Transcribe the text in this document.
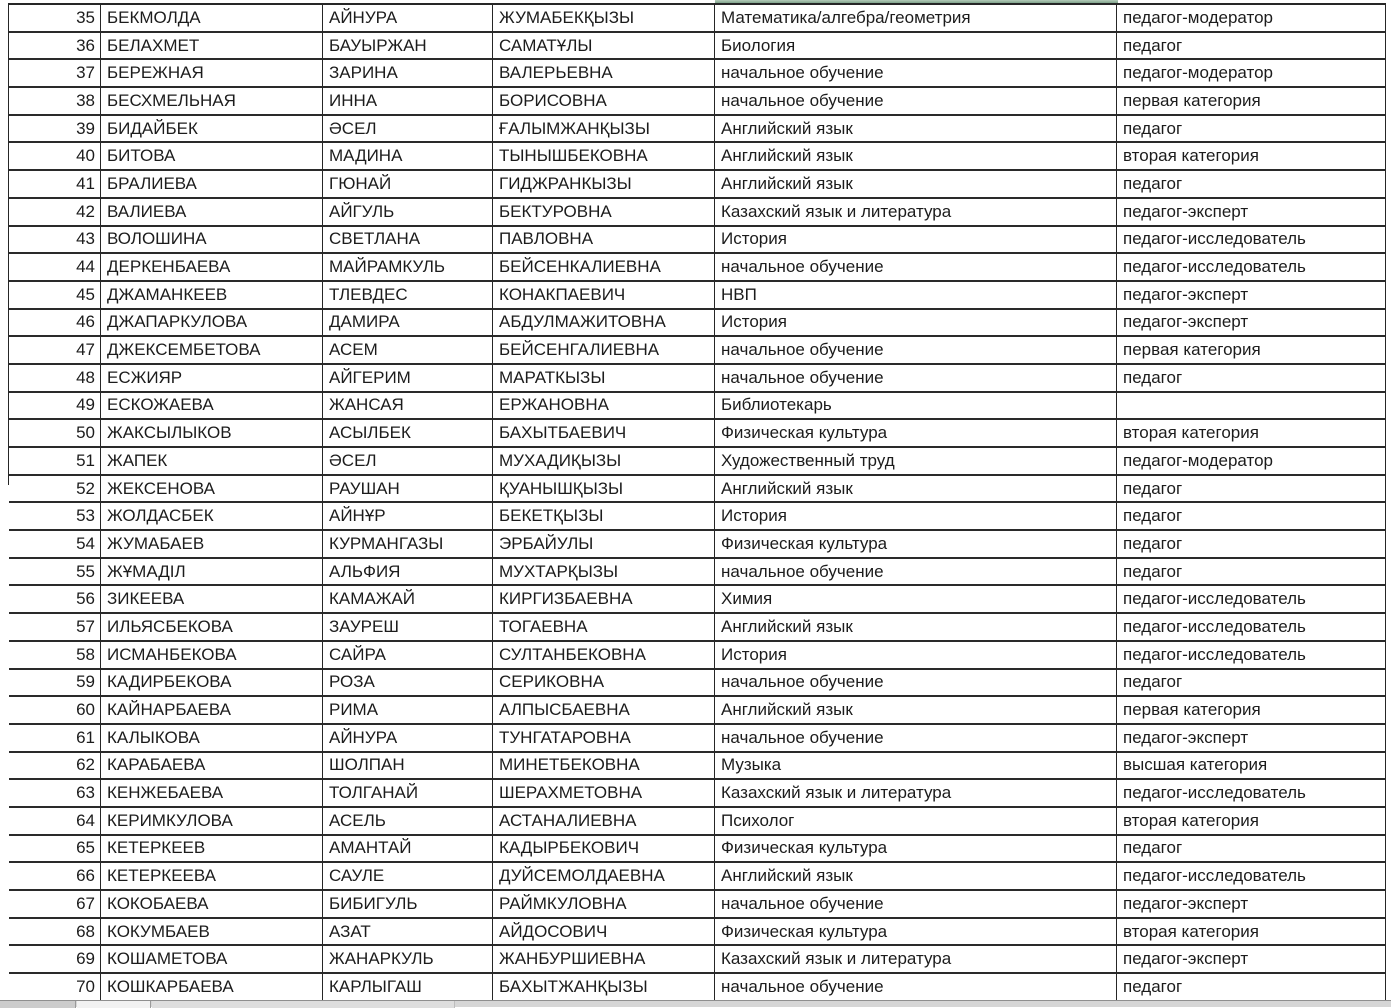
35 БЕКМОЛДА	АЙНУРА	ЖУМАБЕКҚЫЗЫ	Математика/алгебра/геометрия	педагог-модератор
36 БЕЛАХМЕТ	БАУЫРЖАН	САМАТҰЛЫ	Биология	педагог
37 БЕРЕЖНАЯ	ЗАРИНА	ВАЛЕРЬЕВНА	начальное обучение	педагог-модератор
38 БЕСХМЕЛЬНАЯ	ИННА	БОРИСОВНА	начальное обучение	первая категория
39 БИДАЙБЕК	ӘСЕЛ	ҒАЛЫМЖАНҚЫЗЫ	Английский язык	педагог
40 БИТОВА	МАДИНА	ТЫНЫШБЕКОВНА	Английский язык	вторая категория
41 БРАЛИЕВА	ГЮНАЙ	ГИДЖРАНКЫЗЫ	Английский язык	педагог
42 ВАЛИЕВА	АЙГУЛЬ	БЕКТУРОВНА	Казахский язык и литература	педагог-эксперт
43 ВОЛОШИНА	СВЕТЛАНА	ПАВЛОВНА	История	педагог-исследователь
44 ДЕРКЕНБАЕВА	МАЙРАМКУЛЬ	БЕЙСЕНКАЛИЕВНА	начальное обучение	педагог-исследователь
45 ДЖАМАНКЕЕВ	ТЛЕВДЕС	КОНАКПАЕВИЧ	НВП	педагог-эксперт
46 ДЖАПАРКУЛОВА	ДАМИРА	АБДУЛМАЖИТОВНА	История	педагог-эксперт
47 ДЖЕКСЕМБЕТОВА	АСЕМ	БЕЙСЕНГАЛИЕВНА	начальное обучение	первая категория
48 ЕСЖИЯР	АЙГЕРИМ	МАРАТКЫЗЫ	начальное обучение	педагог
49 ЕСКОЖАЕВА	ЖАНСАЯ	ЕРЖАНОВНА	Библиотекарь
50 ЖАКСЫЛЫКОВ	АСЫЛБЕК	БАХЫТБАЕВИЧ	Физическая культура	вторая категория
51 ЖАПЕК	ӘСЕЛ	МУХАДИҚЫЗЫ	Художественный труд	педагог-модератор
52 ЖЕКСЕНОВА	РАУШАН	ҚУАНЫШҚЫЗЫ	Английский язык	педагог
53 ЖОЛДАСБЕК	АЙНҰР	БЕКЕТҚЫЗЫ	История	педагог
54 ЖУМАБАЕВ	КУРМАНГАЗЫ	ЭРБАЙУЛЫ	Физическая культура	педагог
55 ЖҰМАДІЛ	АЛЬФИЯ	МУХТАРҚЫЗЫ	начальное обучение	педагог
56 ЗИКЕЕВА	КАМАЖАЙ	КИРГИЗБАЕВНА	Химия	педагог-исследователь
57 ИЛЬЯСБЕКОВА	ЗАУРЕШ	ТОГАЕВНА	Английский язык	педагог-исследователь
58 ИСМАНБЕКОВА	САЙРА	СУЛТАНБЕКОВНА	История	педагог-исследователь
59 КАДИРБЕКОВА	РОЗА	СЕРИКОВНА	начальное обучение	педагог
60 КАЙНАРБАЕВА	РИМА	АЛПЫСБАЕВНА	Английский язык	первая категория
61 КАЛЫКОВА	АЙНУРА	ТУНГАТАРОВНА	начальное обучение	педагог-эксперт
62 КАРАБАЕВА	ШОЛПАН	МИНЕТБЕКОВНА	Музыка	высшая категория
63 КЕНЖЕБАЕВА	ТОЛГАНАЙ	ШЕРАХМЕТОВНА	Казахский язык и литература	педагог-исследователь
64 КЕРИМКУЛОВА	АСЕЛЬ	АСТАНАЛИЕВНА	Психолог	вторая категория
65 КЕТЕРКЕЕВ	АМАНТАЙ	КАДЫРБЕКОВИЧ	Физическая культура	педагог
66 КЕТЕРКЕЕВА	САУЛЕ	ДУЙСЕМОЛДАЕВНА	Английский язык	педагог-исследователь
67 КОКОБАЕВА	БИБИГУЛЬ	РАЙМКУЛОВНА	начальное обучение	педагог-эксперт
68 КОКУМБАЕВ	АЗАТ	АЙДОСОВИЧ	Физическая культура	вторая категория
69 КОШАМЕТОВА	ЖАНАРКУЛЬ	ЖАНБУРШИЕВНА	Казахский язык и литература	педагог-эксперт
70 КОШКАРБАЕВА	КАРЛЫГАШ	БАХЫТЖАНҚЫЗЫ	начальное обучение	педагог
